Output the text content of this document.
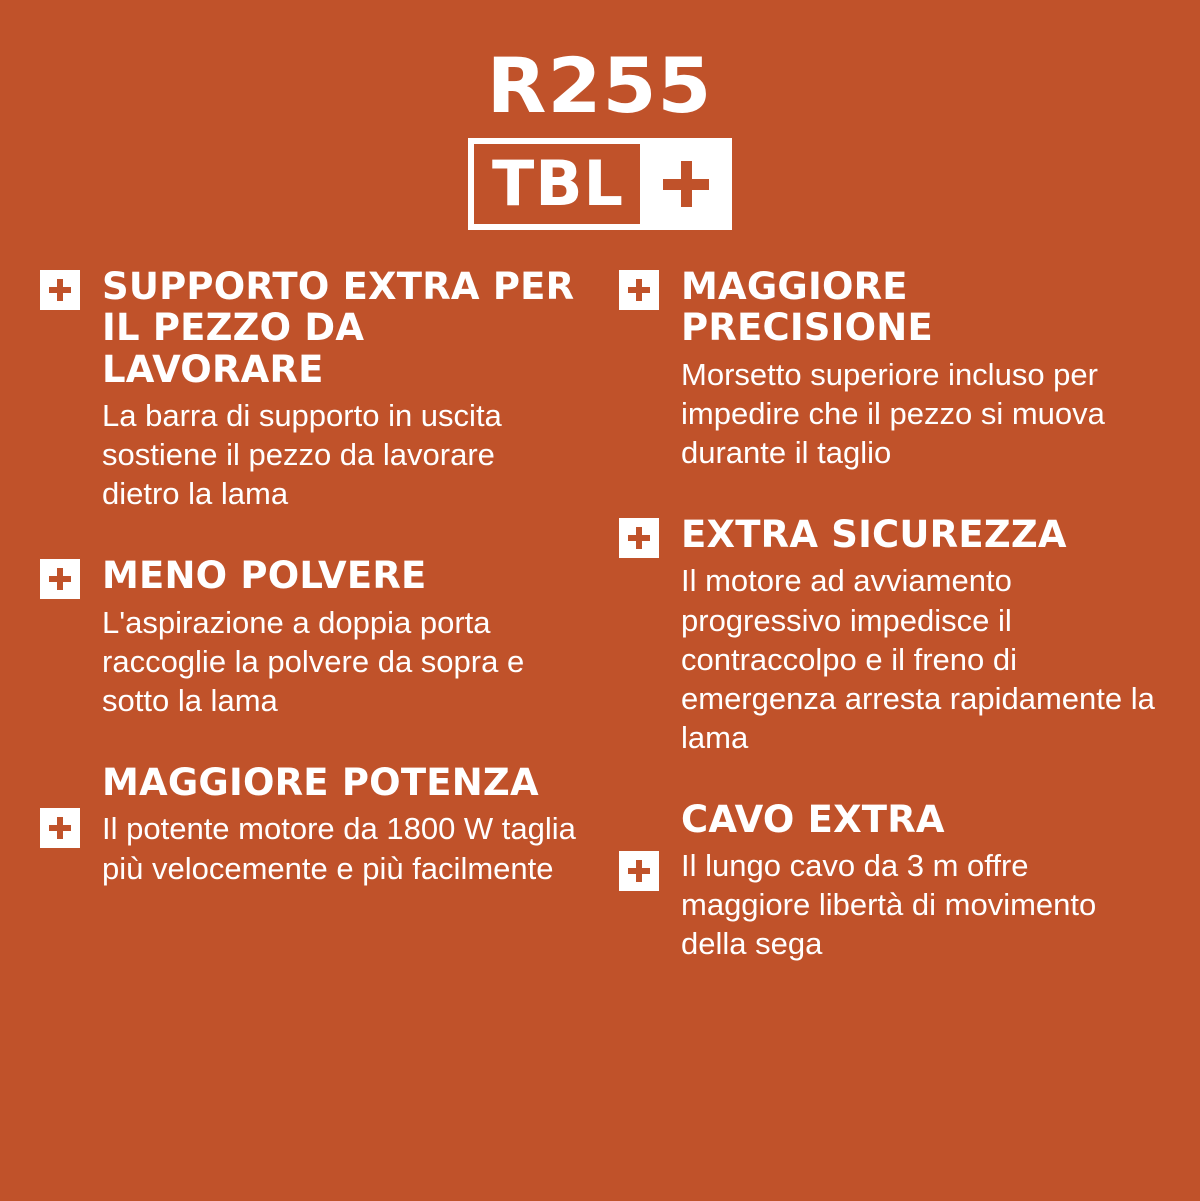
R255
TBL
SUPPORTO EXTRA PER IL PEZZO DA LAVORARE

La barra di supporto in uscita sostiene il pezzo da lavorare dietro la lama

MENO POLVERE

L'aspirazione a doppia porta raccoglie la polvere da sopra e sotto la lama

MAGGIORE POTENZA

Il potente motore da 1800 W taglia più velocemente e più facilmente

MAGGIORE PRECISIONE

Morsetto superiore incluso per impedire che il pezzo si muova durante il taglio

EXTRA SICUREZZA

Il motore ad avviamento progressivo impedisce il contraccolpo e il freno di emergenza arresta rapidamente la lama

CAVO EXTRA

Il lungo cavo da 3 m offre maggiore libertà di movimento della sega
